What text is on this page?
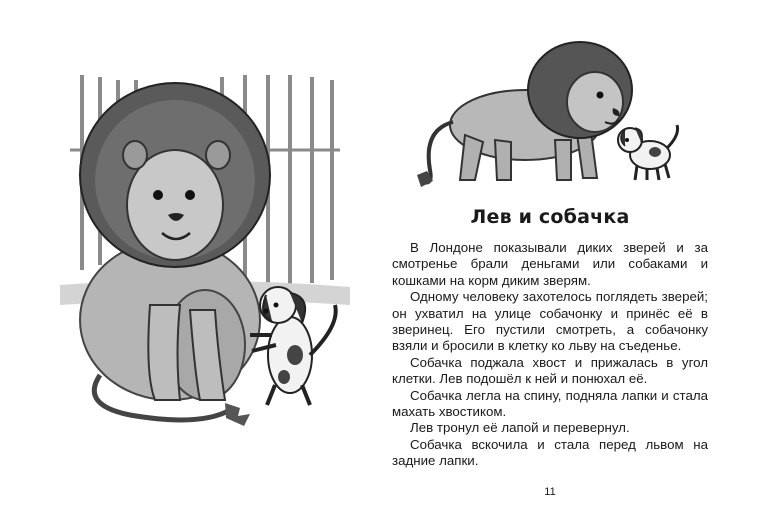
Лев и собачка

В Лондоне показывали диких зверей и за смотренье брали деньгами или собаками и кошками на корм диким зверям.

Одному человеку захотелось поглядеть зверей; он ухватил на улице собачонку и принёс её в зверинец. Его пустили смотреть, а собачонку взяли и бросили в клетку ко льву на съеденье.

Собачка поджала хвост и прижалась в угол клетки. Лев подошёл к ней и понюхал её.

Собачка легла на спину, подняла лапки и стала махать хвостиком.

Лев тронул её лапой и перевернул.

Собачка вскочила и стала перед львом на задние лапки.

11
